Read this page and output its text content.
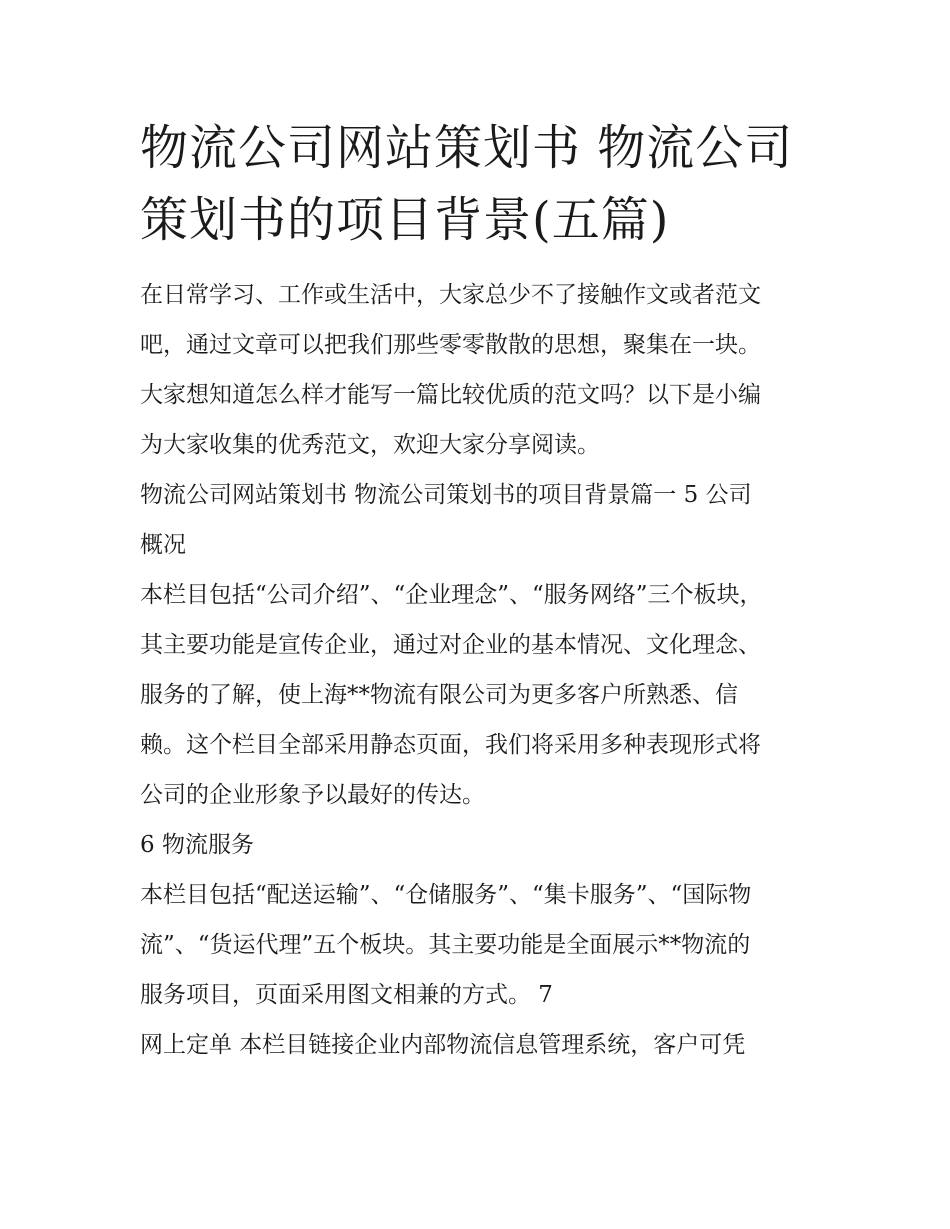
物流公司网站策划书 物流公司
策划书的项目背景(五篇)

在日常学习、工作或生活中，大家总少不了接触作文或者范文
吧，通过文章可以把我们那些零零散散的思想，聚集在一块。
大家想知道怎么样才能写一篇比较优质的范文吗？以下是小编
为大家收集的优秀范文，欢迎大家分享阅读。

物流公司网站策划书 物流公司策划书的项目背景篇一 5 公司
概况

本栏目包括“公司介绍”、“企业理念”、“服务网络”三个板块，
其主要功能是宣传企业，通过对企业的基本情况、文化理念、
服务的了解，使上海**物流有限公司为更多客户所熟悉、信
赖。这个栏目全部采用静态页面，我们将采用多种表现形式将
公司的企业形象予以最好的传达。

6 物流服务

本栏目包括“配送运输”、“仓储服务”、“集卡服务”、“国际物
流”、“货运代理”五个板块。其主要功能是全面展示**物流的
服务项目，页面采用图文相兼的方式。 7

网上定单 本栏目链接企业内部物流信息管理系统，客户可凭
